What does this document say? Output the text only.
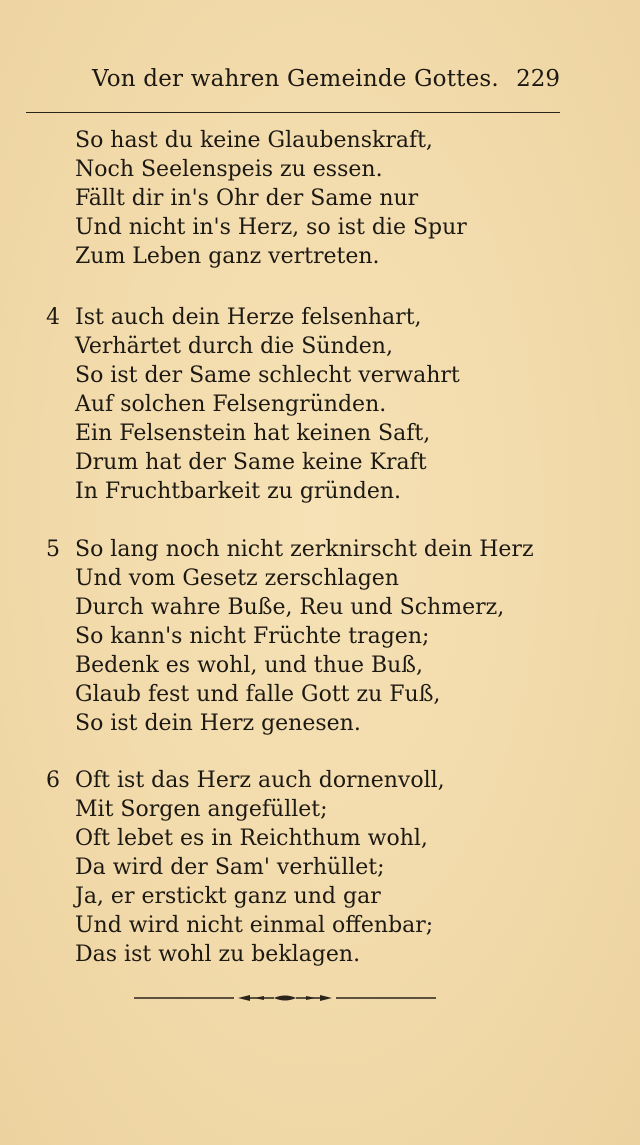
Von der wahren Gemeinde Gottes. 229
So hast du keine Glaubenskraft,
Noch Seelenspeis zu essen.
Fällt dir in's Ohr der Same nur
Und nicht in's Herz, so ist die Spur
Zum Leben ganz vertreten.
4 Ist auch dein Herze felsenhart,
Verhärtet durch die Sünden,
So ist der Same schlecht verwahrt
Auf solchen Felsengründen.
Ein Felsenstein hat keinen Saft,
Drum hat der Same keine Kraft
In Fruchtbarkeit zu gründen.
5 So lang noch nicht zerknirscht dein Herz
Und vom Gesetz zerschlagen
Durch wahre Buße, Reu und Schmerz,
So kann's nicht Früchte tragen;
Bedenk es wohl, und thue Buß,
Glaub fest und falle Gott zu Fuß,
So ist dein Herz genesen.
6 Oft ist das Herz auch dornenvoll,
Mit Sorgen angefüllet;
Oft lebet es in Reichthum wohl,
Da wird der Sam' verhüllet;
Ja, er erstickt ganz und gar
Und wird nicht einmal offenbar;
Das ist wohl zu beklagen.
